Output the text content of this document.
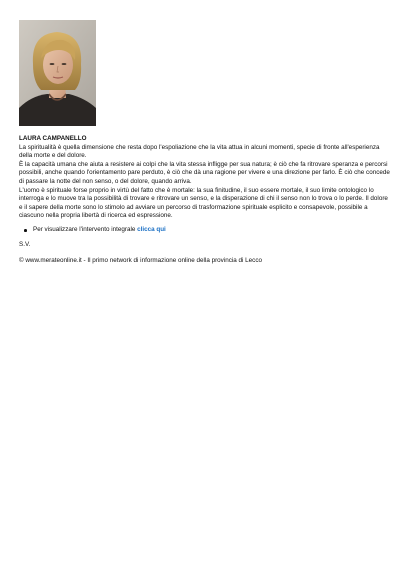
LAURA CAMPANELLO

La spiritualità è quella dimensione che resta dopo l'espoliazione che la vita attua in alcuni momenti, specie di fronte all'esperienza della morte e del dolore.

È la capacità umana che aiuta a resistere ai colpi che la vita stessa infligge per sua natura; è ciò che fa ritrovare speranza e percorsi possibili, anche quando l'orientamento pare perduto, è ciò che dà una ragione per vivere e una direzione per farlo. È ciò che concede di passare la notte del non senso, o del dolore, quando arriva.

L'uomo è spirituale forse proprio in virtù del fatto che è mortale: la sua finitudine, il suo essere mortale, il suo limite ontologico lo interroga e lo muove tra la possibilità di trovare e ritrovare un senso, e la disperazione di chi il senso non lo trova o lo perde. Il dolore e il sapere della morte sono lo stimolo ad avviare un percorso di trasformazione spirituale esplicito e consapevole, possibile a ciascuno nella propria libertà di ricerca ed espressione.

Per visualizzare l'intervento integrale clicca qui

S.V.

© www.merateonline.it - Il primo network di informazione online della provincia di Lecco
